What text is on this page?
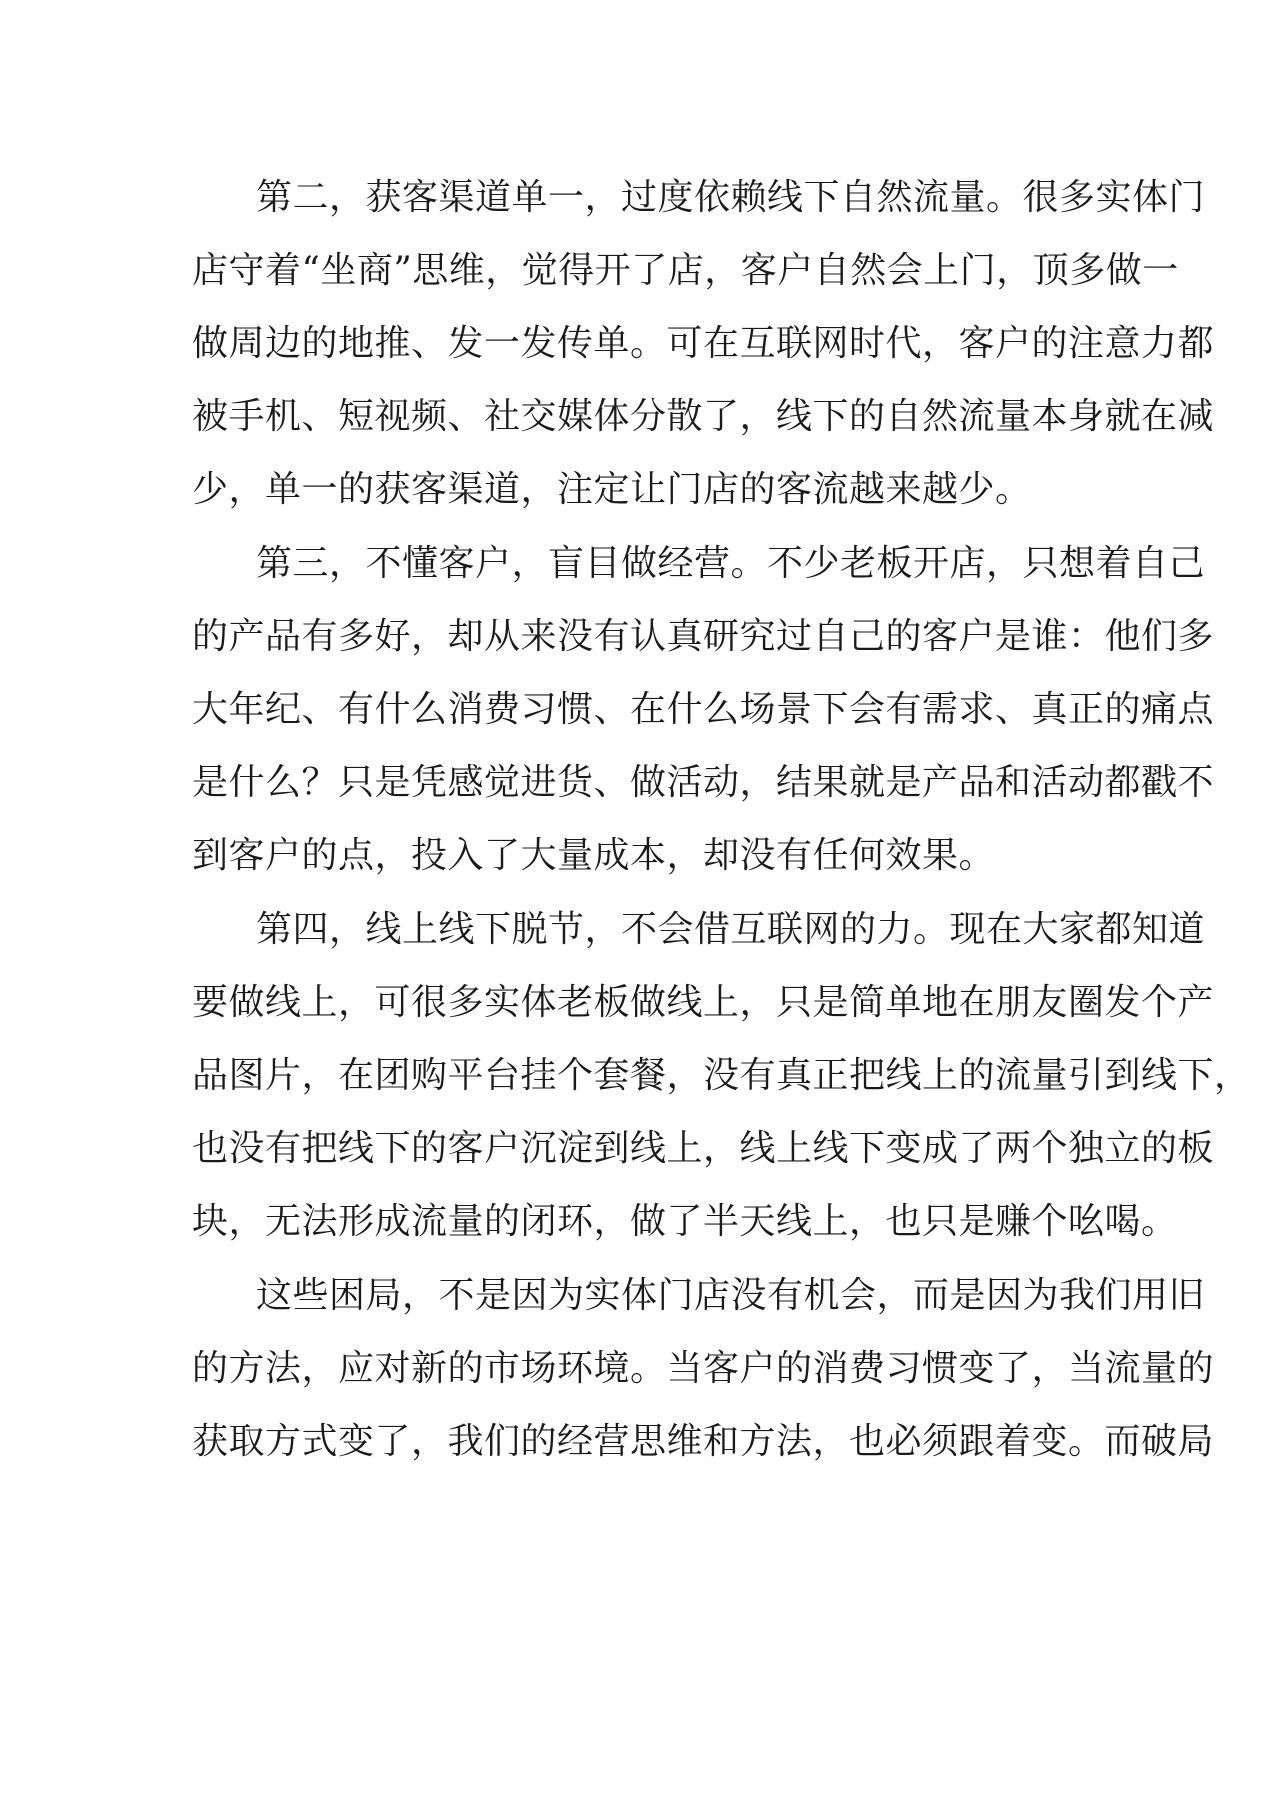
第二，获客渠道单一，过度依赖线下自然流量。很多实体门
店守着“坐商”思维，觉得开了店，客户自然会上门，顶多做一
做周边的地推、发一发传单。可在互联网时代，客户的注意力都
被手机、短视频、社交媒体分散了，线下的自然流量本身就在减
少，单一的获客渠道，注定让门店的客流越来越少。
第三，不懂客户，盲目做经营。不少老板开店，只想着自己
的产品有多好，却从来没有认真研究过自己的客户是谁：他们多
大年纪、有什么消费习惯、在什么场景下会有需求、真正的痛点
是什么？只是凭感觉进货、做活动，结果就是产品和活动都戳不
到客户的点，投入了大量成本，却没有任何效果。
第四，线上线下脱节，不会借互联网的力。现在大家都知道
要做线上，可很多实体老板做线上，只是简单地在朋友圈发个产
品图片，在团购平台挂个套餐，没有真正把线上的流量引到线下，
也没有把线下的客户沉淀到线上，线上线下变成了两个独立的板
块，无法形成流量的闭环，做了半天线上，也只是赚个吆喝。
这些困局，不是因为实体门店没有机会，而是因为我们用旧
的方法，应对新的市场环境。当客户的消费习惯变了，当流量的
获取方式变了，我们的经营思维和方法，也必须跟着变。而破局
